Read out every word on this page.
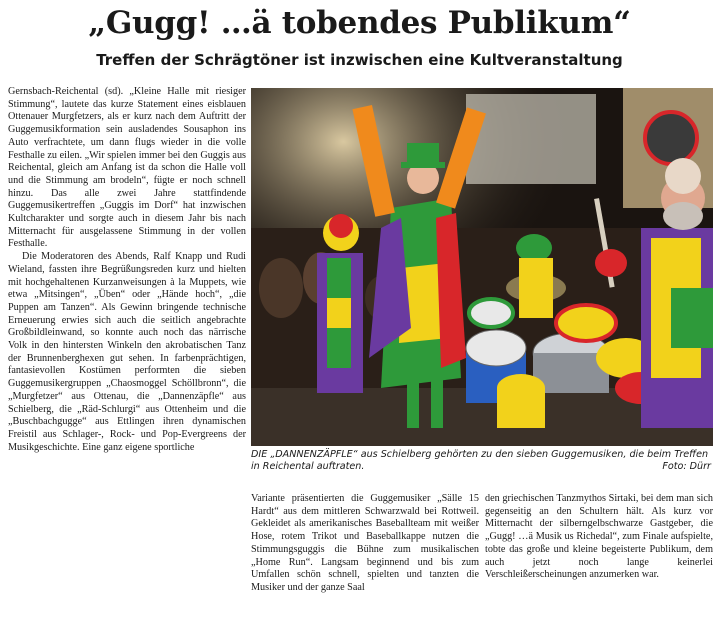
„Gugg! …ä tobendes Publikum“
Treffen der Schrägtöner ist inzwischen eine Kultveranstaltung

Gernsbach-Reichental (sd). „Kleine Halle mit riesiger Stimmung“, lautete das kurze Statement eines eisblauen Ottenauer Murgfetzers, als er kurz nach dem Auftritt der Guggemusikformation sein ausladendes Sousaphon ins Auto verfrachtete, um dann flugs wieder in die volle Festhalle zu eilen. „Wir spielen immer bei den Guggis aus Reichental, gleich am Anfang ist da schon die Halle voll und die Stimmung am brodeln“, fügte er noch schnell hinzu. Das alle zwei Jahre stattfindende Guggemusikertreffen „Guggis im Dorf“ hat inzwischen Kultcharakter und sorgte auch in diesem Jahr bis nach Mitternacht für ausgelassene Stimmung in der vollen Festhalle.

Die Moderatoren des Abends, Ralf Knapp und Rudi Wieland, fassten ihre Begrüßungsreden kurz und hielten mit hochgehaltenen Kurzanweisungen à la Muppets, wie etwa „Mitsingen“, „Üben“ oder „Hände hoch“, „die Puppen am Tanzen“. Als Gewinn bringende technische Erneuerung erwies sich auch die seitlich angebrachte Großbildleinwand, so konnte auch noch das närrische Volk in den hintersten Winkeln den akrobatischen Tanz der Brunnenberghexen gut sehen. In farbenprächtigen, fantasievollen Kostümen performten die sieben Guggemusikergruppen „Chaosmoggel Schöllbronn“, die „Murgfetzer“ aus Ottenau, die „Dannenzäpfle“ aus Schielberg, die „Räd-Schlurgi“ aus Ottenheim und die „Buschbachgugge“ aus Ettlingen ihren dynamischen Freistil aus Schlager-, Rock- und Pop-Evergreens der Musikgeschichte. Eine ganz eigene sportliche

DIE „DANNENZÄPFLE“ aus Schielberg gehörten zu den sieben Guggemusiken, die beim Treffen in Reichental auftraten.	Foto: Dürr

Variante präsentierten die Guggemusiker „Sälle 15 Hardt“ aus dem mittleren Schwarzwald bei Rottweil. Gekleidet als amerikanisches Baseballteam mit weißer Hose, rotem Trikot und Baseballkappe nutzen die Stimmungsguggis die Bühne zum musikalischen „Home Run“. Langsam beginnend und bis zum Umfallen schön schnell, spielten und tanzten die Musiker und der ganze Saal

den griechischen Tanzmythos Sirtaki, bei dem man sich gegenseitig an den Schultern hält. Als kurz vor Mitternacht der silberngelbschwarze Gastgeber, die „Gugg! …ä Musik us Richedal“, zum Finale aufspielte, tobte das große und kleine begeisterte Publikum, dem auch jetzt noch lange keinerlei Verschleißerscheinungen anzumerken war.
